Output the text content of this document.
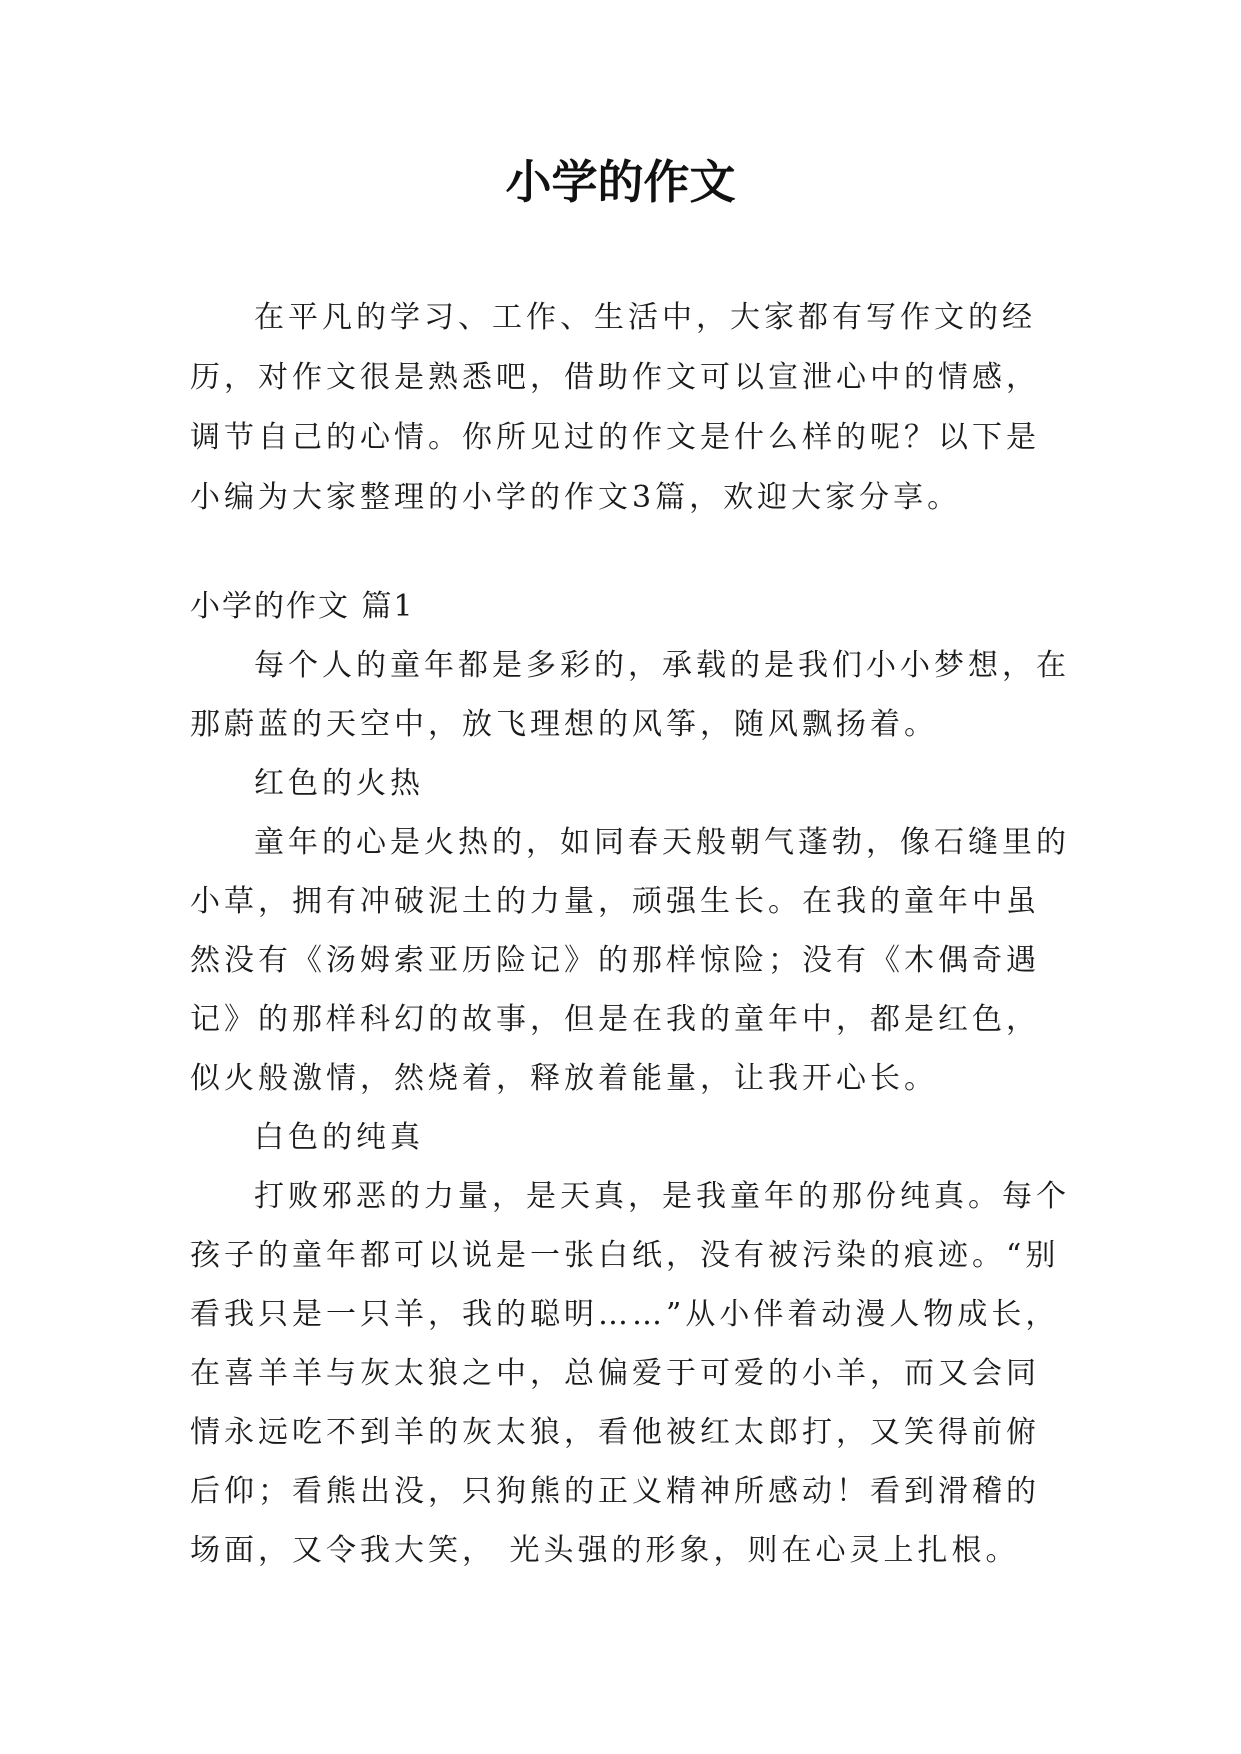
小学的作文

在平凡的学习、工作、生活中，大家都有写作文的经历，对作文很是熟悉吧，借助作文可以宣泄心中的情感，调节自己的心情。你所见过的作文是什么样的呢？以下是小编为大家整理的小学的作文3篇，欢迎大家分享。

小学的作文 篇1

每个人的童年都是多彩的，承载的是我们小小梦想，在那蔚蓝的天空中，放飞理想的风筝，随风飘扬着。

红色的火热

童年的心是火热的，如同春天般朝气蓬勃，像石缝里的小草，拥有冲破泥土的力量，顽强生长。在我的童年中虽然没有《汤姆索亚历险记》的那样惊险；没有《木偶奇遇记》的那样科幻的故事，但是在我的童年中，都是红色，似火般激情，然烧着，释放着能量，让我开心长。

白色的纯真

打败邪恶的力量，是天真，是我童年的那份纯真。每个孩子的童年都可以说是一张白纸，没有被污染的痕迹。“别看我只是一只羊，我的聪明……”从小伴着动漫人物成长，在喜羊羊与灰太狼之中，总偏爱于可爱的小羊，而又会同情永远吃不到羊的灰太狼，看他被红太郎打，又笑得前俯后仰；看熊出没，只狗熊的正义精神所感动！看到滑稽的场面，又令我大笑， 光头强的形象，则在心灵上扎根。
